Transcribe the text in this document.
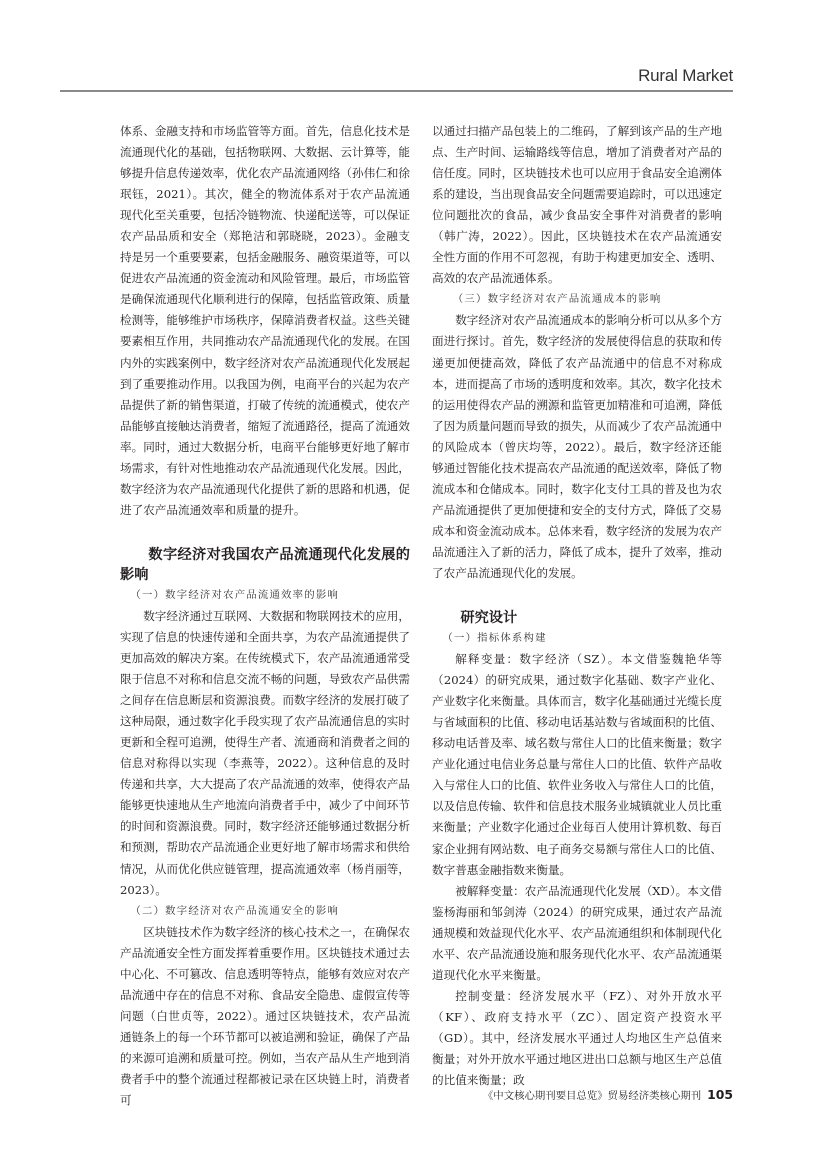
Rural Market

体系、金融支持和市场监管等方面。首先，信息化技术是流通现代化的基础，包括物联网、大数据、云计算等，能够提升信息传递效率，优化农产品流通网络（孙伟仁和徐珉钰，2021）。其次，健全的物流体系对于农产品流通现代化至关重要，包括冷链物流、快递配送等，可以保证农产品品质和安全（郑艳洁和郭晓晓，2023）。金融支持是另一个重要要素，包括金融服务、融资渠道等，可以促进农产品流通的资金流动和风险管理。最后，市场监管是确保流通现代化顺利进行的保障，包括监管政策、质量检测等，能够维护市场秩序，保障消费者权益。这些关键要素相互作用，共同推动农产品流通现代化的发展。在国内外的实践案例中，数字经济对农产品流通现代化发展起到了重要推动作用。以我国为例，电商平台的兴起为农产品提供了新的销售渠道，打破了传统的流通模式，使农产品能够直接触达消费者，缩短了流通路径，提高了流通效率。同时，通过大数据分析，电商平台能够更好地了解市场需求，有针对性地推动农产品流通现代化发展。因此，数字经济为农产品流通现代化提供了新的思路和机遇，促进了农产品流通效率和质量的提升。

数字经济对我国农产品流通现代化发展的影响

（一）数字经济对农产品流通效率的影响

数字经济通过互联网、大数据和物联网技术的应用，实现了信息的快速传递和全面共享，为农产品流通提供了更加高效的解决方案。在传统模式下，农产品流通通常受限于信息不对称和信息交流不畅的问题，导致农产品供需之间存在信息断层和资源浪费。而数字经济的发展打破了这种局限，通过数字化手段实现了农产品流通信息的实时更新和全程可追溯，使得生产者、流通商和消费者之间的信息对称得以实现（李燕等，2022）。这种信息的及时传递和共享，大大提高了农产品流通的效率，使得农产品能够更快速地从生产地流向消费者手中，减少了中间环节的时间和资源浪费。同时，数字经济还能够通过数据分析和预测，帮助农产品流通企业更好地了解市场需求和供给情况，从而优化供应链管理，提高流通效率（杨肖丽等，2023）。

（二）数字经济对农产品流通安全的影响

区块链技术作为数字经济的核心技术之一，在确保农产品流通安全性方面发挥着重要作用。区块链技术通过去中心化、不可篡改、信息透明等特点，能够有效应对农产品流通中存在的信息不对称、食品安全隐患、虚假宣传等问题（白世贞等，2022）。通过区块链技术，农产品流通链条上的每一个环节都可以被追溯和验证，确保了产品的来源可追溯和质量可控。例如，当农产品从生产地到消费者手中的整个流通过程都被记录在区块链上时，消费者可

以通过扫描产品包装上的二维码，了解到该产品的生产地点、生产时间、运输路线等信息，增加了消费者对产品的信任度。同时，区块链技术也可以应用于食品安全追溯体系的建设，当出现食品安全问题需要追踪时，可以迅速定位问题批次的食品，减少食品安全事件对消费者的影响（韩广涛，2022）。因此，区块链技术在农产品流通安全性方面的作用不可忽视，有助于构建更加安全、透明、高效的农产品流通体系。

（三）数字经济对农产品流通成本的影响

数字经济对农产品流通成本的影响分析可以从多个方面进行探讨。首先，数字经济的发展使得信息的获取和传递更加便捷高效，降低了农产品流通中的信息不对称成本，进而提高了市场的透明度和效率。其次，数字化技术的运用使得农产品的溯源和监管更加精准和可追溯，降低了因为质量问题而导致的损失，从而减少了农产品流通中的风险成本（曾庆均等，2022）。最后，数字经济还能够通过智能化技术提高农产品流通的配送效率，降低了物流成本和仓储成本。同时，数字化支付工具的普及也为农产品流通提供了更加便捷和安全的支付方式，降低了交易成本和资金流动成本。总体来看，数字经济的发展为农产品流通注入了新的活力，降低了成本，提升了效率，推动了农产品流通现代化的发展。

研究设计

（一）指标体系构建

解释变量：数字经济（SZ）。本文借鉴魏艳华等（2024）的研究成果，通过数字化基础、数字产业化、产业数字化来衡量。具体而言，数字化基础通过光缆长度与省域面积的比值、移动电话基站数与省域面积的比值、移动电话普及率、域名数与常住人口的比值来衡量；数字产业化通过电信业务总量与常住人口的比值、软件产品收入与常住人口的比值、软件业务收入与常住人口的比值，以及信息传输、软件和信息技术服务业城镇就业人员比重来衡量；产业数字化通过企业每百人使用计算机数、每百家企业拥有网站数、电子商务交易额与常住人口的比值、数字普惠金融指数来衡量。

被解释变量：农产品流通现代化发展（XD）。本文借鉴杨海丽和邹剑涛（2024）的研究成果，通过农产品流通规模和效益现代化水平、农产品流通组织和体制现代化水平、农产品流通设施和服务现代化水平、农产品流通渠道现代化水平来衡量。

控制变量：经济发展水平（FZ）、对外开放水平（KF）、政府支持水平（ZC）、固定资产投资水平（GD）。其中，经济发展水平通过人均地区生产总值来衡量；对外开放水平通过地区进出口总额与地区生产总值的比值来衡量；政

《中文核心期刊要目总览》贸易经济类核心期刊 105
